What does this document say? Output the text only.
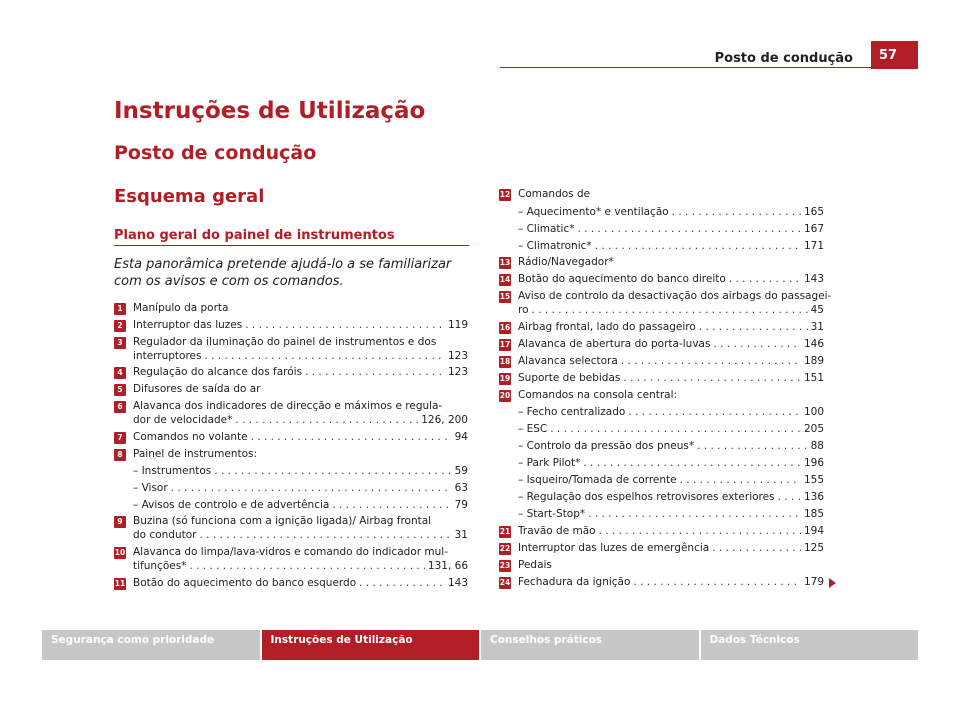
Posto de condução	57
Instruções de Utilização
Posto de condução
Esquema geral
Plano geral do painel de instrumentos

Esta panorâmica pretende ajudá-lo a se familiarizar com os avisos e com os comandos.

1 Manípulo da porta
2 Interruptor das luzes . . .	119
3 Regulador da iluminação do painel de instrumentos e dos
interruptores . . .	123
4 Regulação do alcance dos faróis . . .	123
5 Difusores de saída do ar
6 Alavanca dos indicadores de direcção e máximos e regula-
dor de velocidade* . . .	126, 200
7 Comandos no volante . . .	94
8 Painel de instrumentos:
– Instrumentos . . .	59
– Visor . . .	63
– Avisos de controlo e de advertência . . .	79
9 Buzina (só funciona com a ignição ligada)/ Airbag frontal
do condutor . . .	31
10 Alavanca do limpa/lava-vidros e comando do indicador mul-
tifunções* . . .	131, 66
11 Botão do aquecimento do banco esquerdo . . .	143
12 Comandos de
– Aquecimento* e ventilação . . .	165
– Climatic* . . .	167
– Climatronic* . . .	171
13 Rádio/Navegador*
14 Botão do aquecimento do banco direito . . .	143
15 Aviso de controlo da desactivação dos airbags do passagei-
ro . . .	45
16 Airbag frontal, lado do passageiro . . .	31
17 Alavanca de abertura do porta-luvas . . .	146
18 Alavanca selectora . . .	189
19 Suporte de bebidas . . .	151
20 Comandos na consola central:
– Fecho centralizado . . .	100
– ESC . . .	205
– Controlo da pressão dos pneus* . . .	88
– Park Pilot* . . .	196
– Isqueiro/Tomada de corrente . . .	155
– Regulação dos espelhos retrovisores exteriores . . .	136
– Start-Stop* . . .	185
21 Travão de mão . . .	194
22 Interruptor das luzes de emergência . . .	125
23 Pedais
24 Fechadura da ignição . . .	179
Segurança como prioridade	Instruções de Utilização	Conselhos práticos	Dados Técnicos
